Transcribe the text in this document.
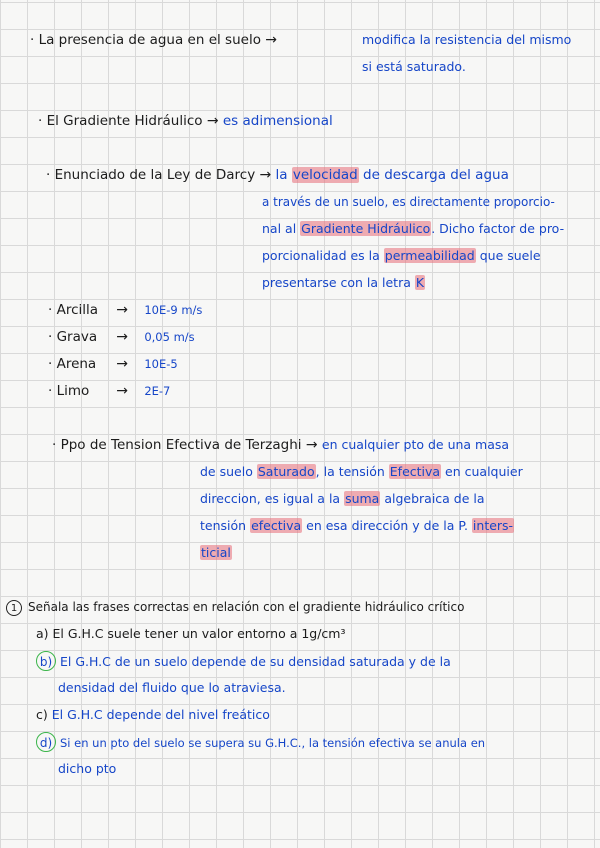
· La presencia de agua en el suelo →	modifica la resistencia del mismo
si está saturado.
· El Gradiente Hidráulico → es adimensional
· Enunciado de la Ley de Darcy → la velocidad de descarga del agua
a través de un suelo, es directamente proporcio-
nal al Gradiente Hidráulico. Dicho factor de pro-
porcionalidad es la permeabilidad que suele
presentarse con la letra K
· Arcilla → 10E-9 m/s
· Grava → 0,05 m/s
· Arena → 10E-5
· Limo → 2E-7
· Ppo de Tension Efectiva de Terzaghi → en cualquier pto de una masa
de suelo Saturado, la tensión Efectiva en cualquier
direccion, es igual a la suma algebraica de la
tensión efectiva en esa dirección y de la P. inters-
ticial
1 Señala las frases correctas en relación con el gradiente hidráulico crítico
a) El G.H.C suele tener un valor entorno a 1g/cm³
b) El G.H.C de un suelo depende de su densidad saturada y de la
densidad del fluido que lo atraviesa.
c) El G.H.C depende del nivel freático
d) Si en un pto del suelo se supera su G.H.C., la tensión efectiva se anula en
dicho pto
